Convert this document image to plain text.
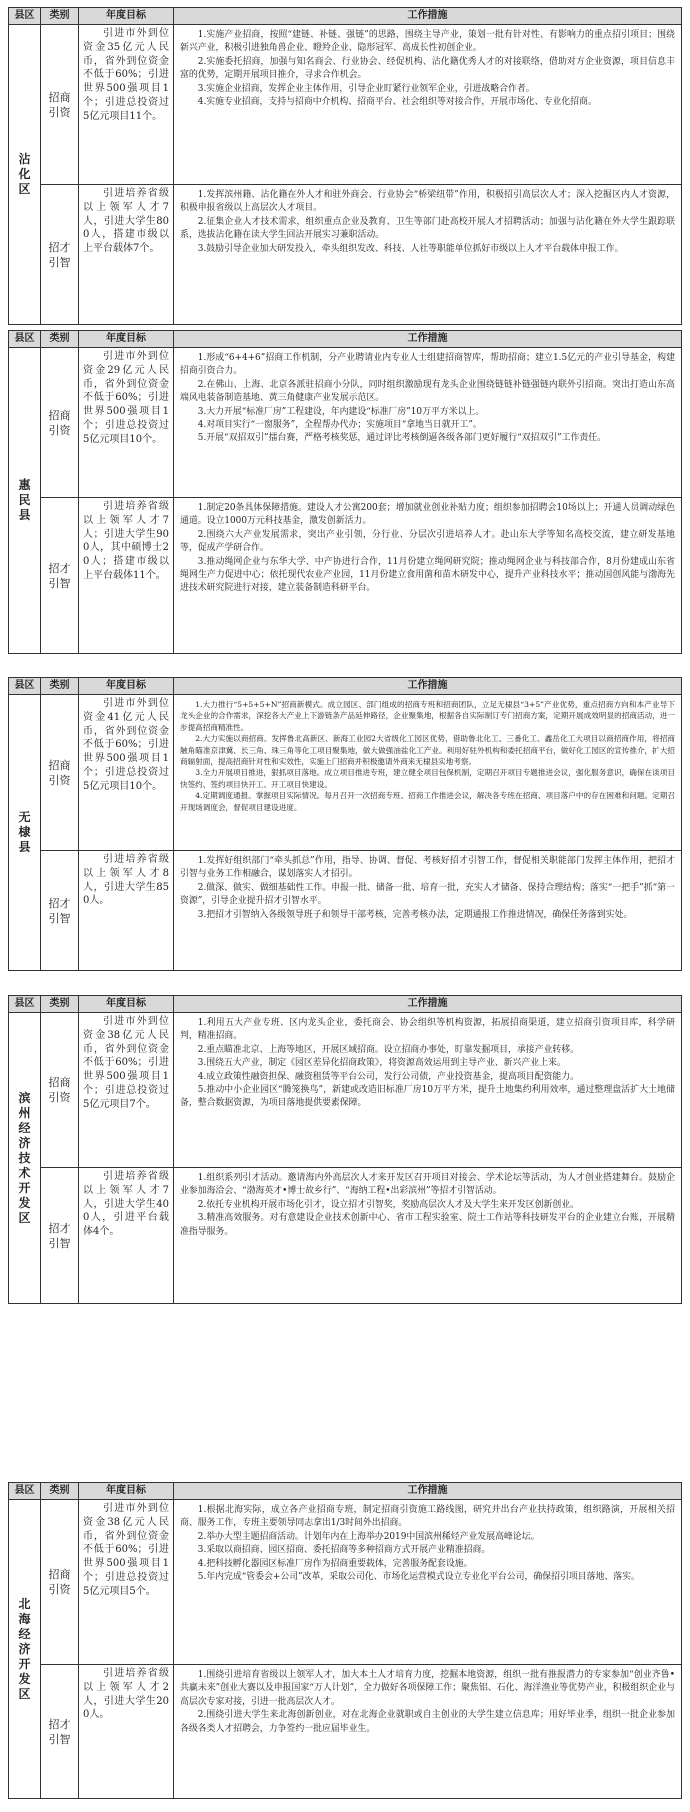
县区	类别	年度目标	工作措施

沾化区	招商引资	引进市外到位资金35亿元人民币，省外到位资金不低于60%；引进世界500强项目1个；引进总投资过5亿元项目11个。	1.实施产业招商，按照“建链、补链、强链”的思路，围绕主导产业，策划一批有针对性、有影响力的重点招引项目；围绕新兴产业，积极引进独角兽企业、瞪羚企业、隐形冠军、高成长性初创企业。

2.实施委托招商，加强与知名商会、行业协会、经促机构、沾化籍优秀人才的对接联络，借助对方企业资源，项目信息丰富的优势，定期开展项目推介，寻求合作机会。

3.实施企业招商，发挥企业主体作用，引导企业盯紧行业领军企业，引进战略合作者。

4.实施专业招商，支持与招商中介机构、招商平台、社会组织等对接合作，开展市场化、专业化招商。

	招才引智	引进培养省级以上领军人才7人，引进大学生800人，搭建市级以上平台载体7个。	1.发挥滨州籍、沾化籍在外人才和驻外商会、行业协会“桥梁纽带”作用，积极招引高层次人才；深入挖掘区内人才资源，积极申报省级以上高层次人才项目。

2.征集企业人才技术需求，组织重点企业及教育、卫生等部门赴高校开展人才招聘活动；加强与沾化籍在外大学生跟踪联系，选拔沾化籍在读大学生回沾开展实习兼职活动。

3.鼓励引导企业加大研发投入，牵头组织发改、科技、人社等职能单位抓好市级以上人才平台载体申报工作。

县区	类别	年度目标	工作措施

惠民县	招商引资	引进市外到位资金29亿元人民币，省外到位资金不低于60%；引进世界500强项目1个；引进总投资过5亿元项目10个。	1.形成“6+4+6”招商工作机制，分产业聘请业内专业人士组建招商智库，帮助招商；建立1.5亿元的产业引导基金，构建招商引资合力。

2.在佛山、上海、北京各派驻招商小分队，同时组织激励现有龙头企业围绕链链补链强链内联外引招商。突出打造山东高端风电装备制造基地、黄三角健康产业发展示范区。

3.大力开展“标准厂房”工程建设，年内建设“标准厂房”10万平方米以上。

4.对项目实行“一窗服务”，全程帮办代办；实施项目“拿地当日就开工”。

5.开展“双招双引”擂台赛，严格考核奖惩，通过评比考核倒逼各级各部门更好履行“双招双引”工作责任。

	招才引智	引进培养省级以上领军人才7人；引进大学生900人，其中硕博士20人；搭建市级以上平台载体11个。	1.制定20条具体保障措施。建设人才公寓200套；增加就业创业补贴力度；组织参加招聘会10场以上；开通人员调动绿色通道。设立1000万元科技基金，激发创新活力。

2.围绕六大产业发展需求，突出产业引领，分行业、分层次引进培养人才。赴山东大学等知名高校交流，建立研发基地等，促成产学研合作。

3.推动绳网企业与东华大学、中产协进行合作，11月份建立绳网研究院；推动绳网企业与科技部合作，8月份建成山东省绳网生产力促进中心；依托现代农业产业园，11月份建立食用菌和苗木研发中心，提升产业科技水平；推动国创风能与渤海先进技术研究院进行对接，建立装备制造科研平台。

县区	类别	年度目标	工作措施

无棣县	招商引资	引进市外到位资金41亿元人民币，省外到位资金不低于60%；引进世界500强项目1个；引进总投资过5亿元项目10个。	1.大力推行“5+5+5+N”招商新模式。成立园区、部门组成的招商专班和招商团队，立足无棣县“3+5”产业优势，重点招商方向和本产业导下龙头企业的合作需求，深挖各大产业上下游链条产品延伸路径，企业聚集地，根据各自实际制订专门招商方案，定期开展成效明显的招商活动，进一步提高招商精准性。

2.大力实施以商招商。发挥鲁北高新区、新海工业园2大省级化工园区优势，借助鲁北化工、三番化工、鑫岳化工大项目以商招商作用，将招商触角瞄准京津冀、长三角、珠三角等化工项目聚集地，做大做强油盐化工产业。利用好驻外机构和委托招商平台，做好化工园区的宣传推介，扩大招商辐射面，提高招商针对性和实效性，实施上门招商并积极邀请外商来无棣县实地考察。

3.全力开展项目推进，狠抓项目落地。成立项目推进专班，建立健全项目包保机制，定期召开项目专题推进会议，强化服务意识，确保在谈项目快签约、签约项目快开工、开工项目快建设。

4.定期调度通报。掌握项目实际情况。每月召开一次招商专班、招商工作推进会议，解决各专班在招商、项目落户中的存在困难和问题。定期召开现场调度会，督促项目建设进度。

	招才引智	引进培养省级以上领军人才8人，引进大学生850人。	1.发挥好组织部门“牵头抓总”作用，指导、协调、督促、考核好招才引智工作，督促相关职能部门发挥主体作用，把招才引智与业务工作相融合，谋划落实人才招引。

2.做深、做实、做细基础性工作。申报一批、储备一批、培育一批，充实人才储备、保持合理结构；落实“一把手”抓“第一资源”，引导企业提升招才引智水平。

3.把招才引智纳入各级领导班子和领导干部考核，完善考核办法，定期通报工作推进情况，确保任务落到实处。

县区	类别	年度目标	工作措施

滨州经济技术开发区	招商引资	引进市外到位资金38亿元人民币，省外到位资金不低于60%；引进世界500强项目1个；引进总投资过5亿元项目7个。	1.利用五大产业专班、区内龙头企业，委托商会、协会组织等机构资源，拓展招商渠道，建立招商引资项目库，科学研判，精准招商。

2.重点瞄准北京、上海等地区，开展区域招商。设立招商办事处，盯靠发掘项目，承接产业转移。

3.围绕五大产业，制定《园区差异化招商政策》，将资源高效运用到主导产业、新兴产业上来。

4.成立政策性融资担保、融资租赁等平台公司，发行公司债，产业投资基金，提高项目配资能力。

5.推动中小企业园区“腾笼换鸟”，新建或改造旧标准厂房10万平方米，提升土地集约利用效率，通过整理盘活扩大土地储备，整合数据资源，为项目落地提供要素保障。

	招才引智	引进培养省级以上领军人才7人，引进大学生400人，引进平台载体4个。	1.组织系列引才活动。邀请海内外高层次人才来开发区召开项目对接会、学术论坛等活动，为人才创业搭建舞台。鼓励企业参加海洽会、“渤海英才•博士故乡行”、“海纳工程•出彩滨州”等招才引智活动。

2.依托专业机构开展市场化引才，设立招才引智奖，奖励高层次人才及大学生来开发区创新创业。

3.精准高效服务。对有意建设企业技术创新中心、省市工程实验室、院士工作站等科技研发平台的企业建立台账，开展精准指导服务。

县区	类别	年度目标	工作措施

北海经济开发区	招商引资	引进市外到位资金38亿元人民币，省外到位资金不低于60%；引进世界500强项目1个；引进总投资过5亿元项目5个。	1.根据北海实际，成立各产业招商专班，制定招商引资施工路线图，研究并出台产业扶持政策，组织路演，开展相关招商、服务工作，专班主要领导同志拿出1/3时间外出招商。

2.举办大型主题招商活动。计划年内在上海举办2019中国滨州稀烃产业发展高峰论坛。

3.采取以商招商、园区招商、委托招商等多种招商方式开展产业精准招商。

4.把科技孵化器园区标准厂房作为招商重要载体，完善服务配套设施。

5.年内完成“管委会+公司”改革，采取公司化、市场化运营模式设立专业化平台公司，确保招引项目落地、落实。

	招才引智	引进培养省级以上领军人才2人，引进大学生200人。	1.围绕引进培育省级以上领军人才，加大本土人才培育力度，挖掘本地资源，组织一批有推报潜力的专家参加“创业齐鲁•共赢未来”创业大赛以及申报国家“万人计划”，全力做好各项保障工作；聚焦铝、石化、海洋渔业等优势产业，积极组织企业与高层次专家对接，引进一批高层次人才。

2.围绕引进大学生来北海创新创业，对在北海企业就职或自主创业的大学生建立信息库；用好毕业季，组织一批企业参加各级各类人才招聘会，力争签约一批应届毕业生。
